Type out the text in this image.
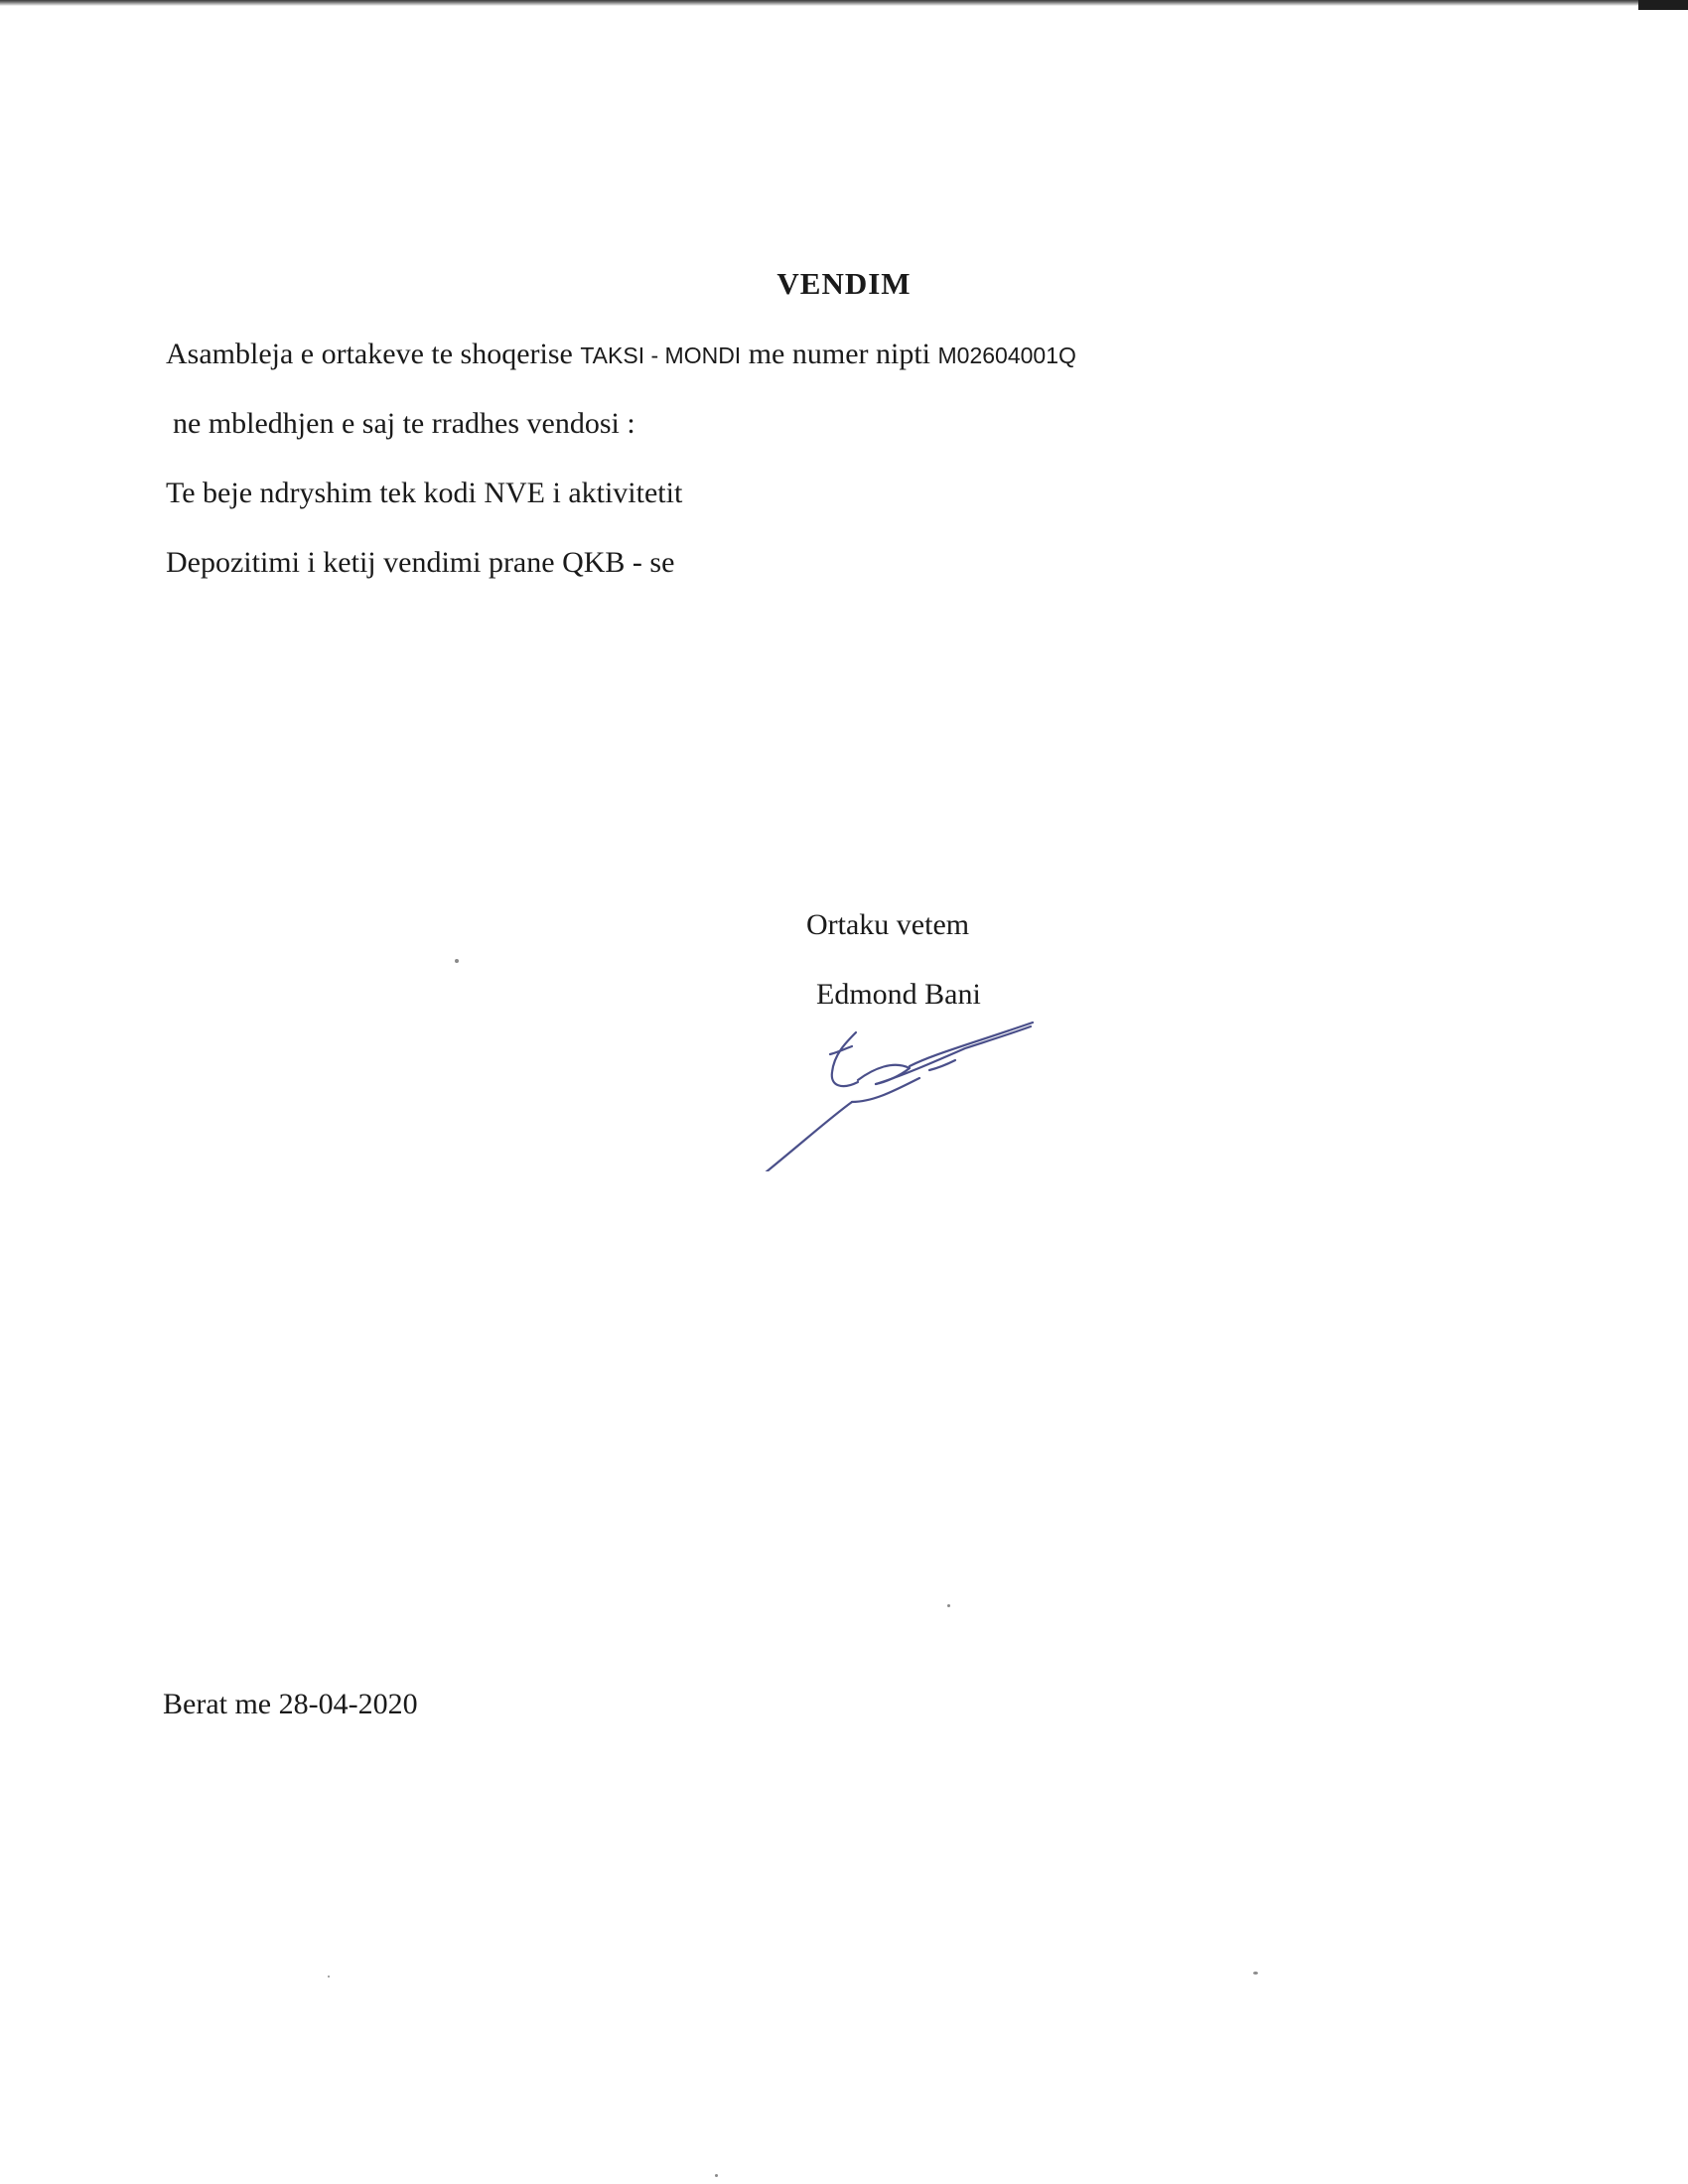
VENDIM
Asambleja e ortakeve te shoqerise TAKSI - MONDI me numer nipti M02604001Q
ne mbledhjen e saj te rradhes vendosi :
Te beje ndryshim tek kodi NVE i aktivitetit
Depozitimi i ketij vendimi prane QKB - se
Ortaku vetem
Edmond Bani
Berat me 28-04-2020
